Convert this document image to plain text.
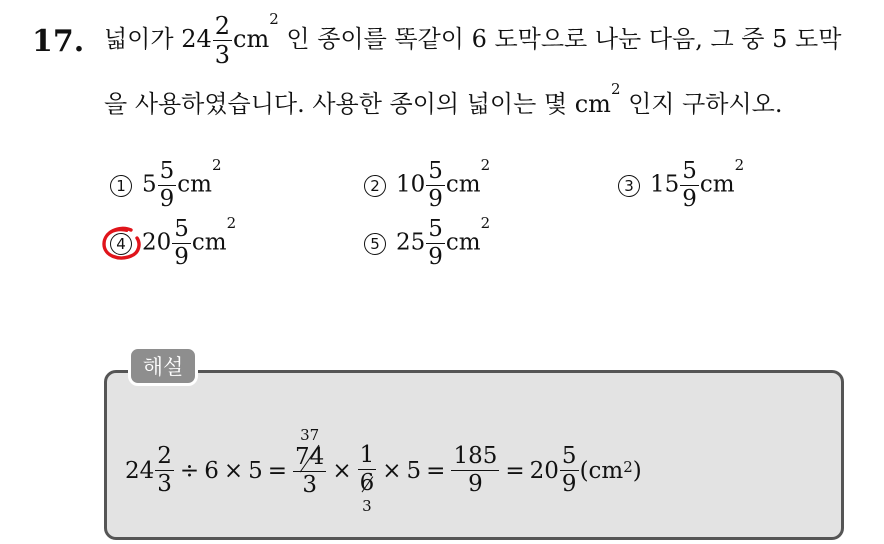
17. 넓이가 $24 \frac{2}{3} cm^2$ 인 종이를 똑같이 6 도막으로 나눈 다음, 그 중 5 도막
을 사용하였습니다. 사용한 종이의 넓이는 몇 $cm^2$ 인지 구하시오.
1 $5 \frac{5}{9} cm^2$
2 $10 \frac{5}{9} cm^2$
3 $15 \frac{5}{9} cm^2$
4 $20 \frac{5}{9} cm^2$
5 $25 \frac{5}{9} cm^2$
해설
$24 \frac{2}{3} \div 6 \times 5$ =
37
$\frac{74}{3} \times \frac{1}{6}$
3
× $5 = \frac{185}{9} = 20 \frac{5}{9} (cm^2$ )
